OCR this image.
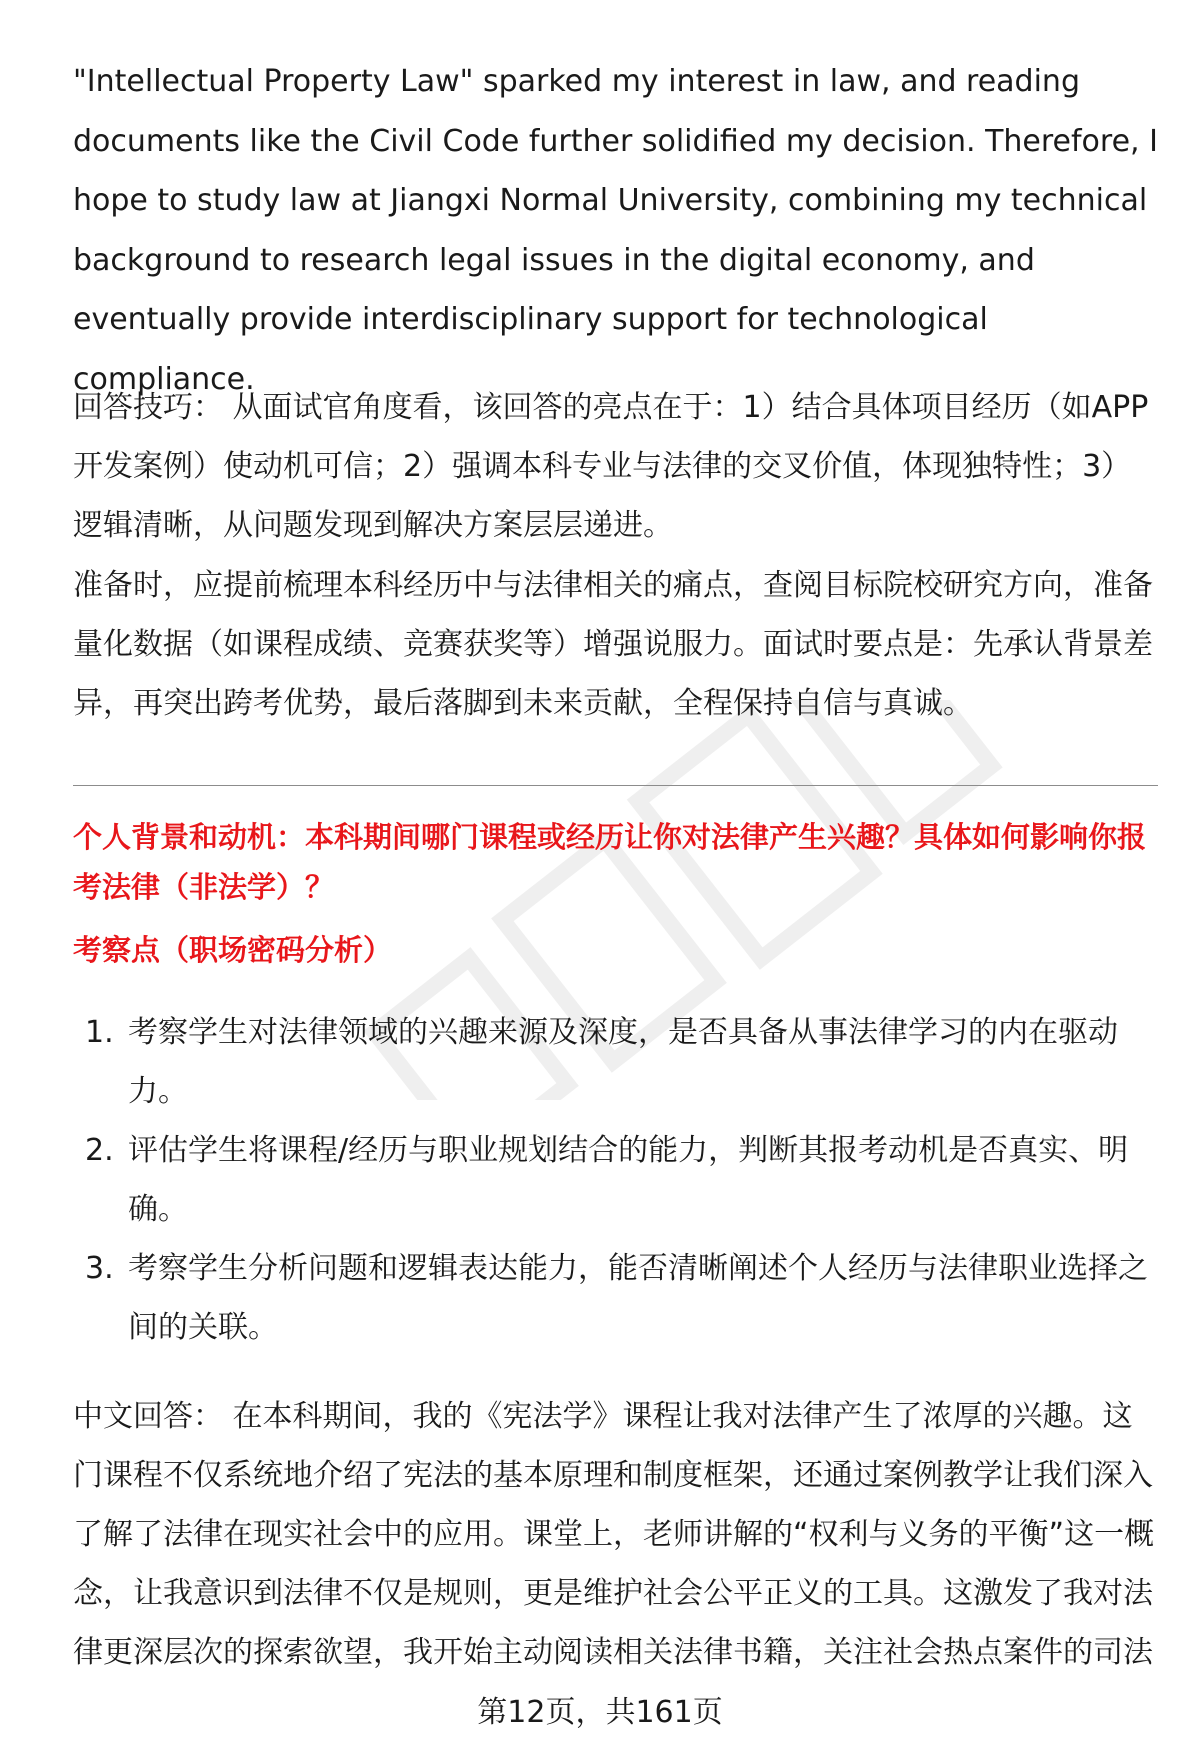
"Intellectual Property Law" sparked my interest in law, and reading documents like the Civil Code further solidified my decision. Therefore, I hope to study law at Jiangxi Normal University, combining my technical background to research legal issues in the digital economy, and eventually provide interdisciplinary support for technological compliance.

回答技巧： 从面试官角度看，该回答的亮点在于：1）结合具体项目经历（如APP开发案例）使动机可信；2）强调本科专业与法律的交叉价值，体现独特性；3）逻辑清晰，从问题发现到解决方案层层递进。

准备时，应提前梳理本科经历中与法律相关的痛点，查阅目标院校研究方向，准备量化数据（如课程成绩、竞赛获奖等）增强说服力。面试时要点是：先承认背景差异，再突出跨考优势，最后落脚到未来贡献，全程保持自信与真诚。

个人背景和动机：本科期间哪门课程或经历让你对法律产生兴趣？具体如何影响你报考法律（非法学）？

考察点（职场密码分析）

1. 考察学生对法律领域的兴趣来源及深度，是否具备从事法律学习的内在驱动力。
2. 评估学生将课程/经历与职业规划结合的能力，判断其报考动机是否真实、明确。
3. 考察学生分析问题和逻辑表达能力，能否清晰阐述个人经历与法律职业选择之间的关联。

中文回答： 在本科期间，我的《宪法学》课程让我对法律产生了浓厚的兴趣。这门课程不仅系统地介绍了宪法的基本原理和制度框架，还通过案例教学让我们深入了解了法律在现实社会中的应用。课堂上，老师讲解的“权利与义务的平衡”这一概念，让我意识到法律不仅是规则，更是维护社会公平正义的工具。这激发了我对法律更深层次的探索欲望，我开始主动阅读相关法律书籍，关注社会热点案件的司法

第12页，共161页
